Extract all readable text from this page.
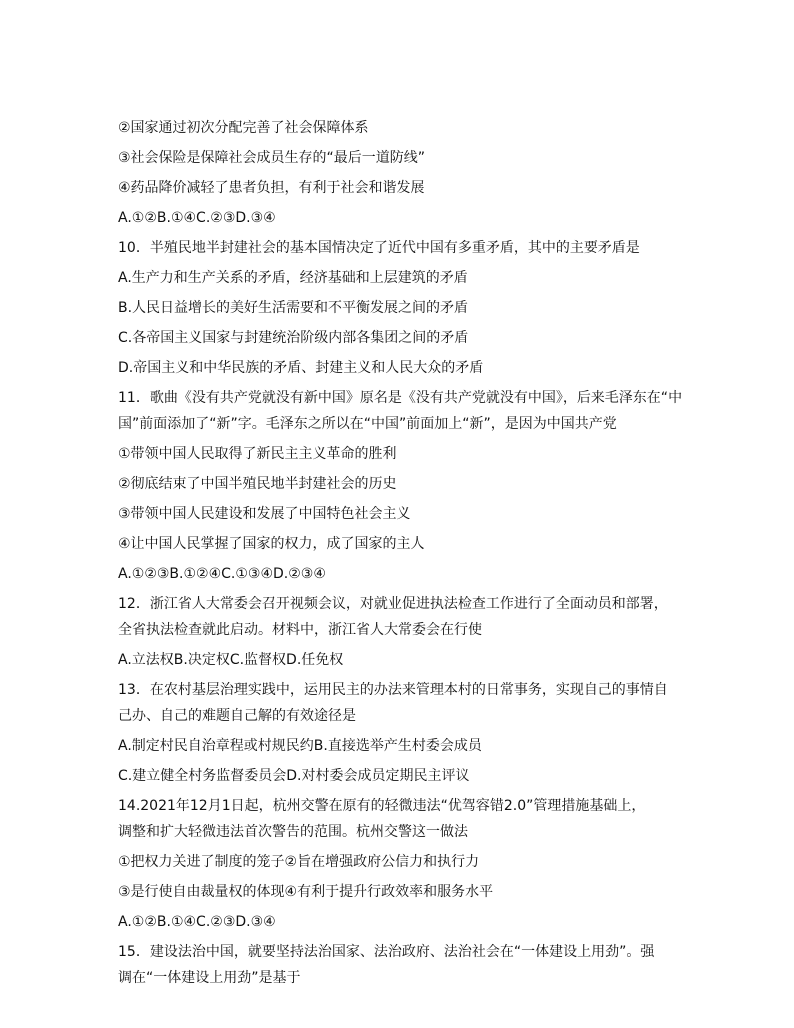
②国家通过初次分配完善了社会保障体系
③社会保险是保障社会成员生存的“最后一道防线”
④药品降价减轻了患者负担，有利于社会和谐发展
A.①②B.①④C.②③D.③④
10．半殖民地半封建社会的基本国情决定了近代中国有多重矛盾，其中的主要矛盾是
A.生产力和生产关系的矛盾，经济基础和上层建筑的矛盾
B.人民日益增长的美好生活需要和不平衡发展之间的矛盾
C.各帝国主义国家与封建统治阶级内部各集团之间的矛盾
D.帝国主义和中华民族的矛盾、封建主义和人民大众的矛盾
11．歌曲《没有共产党就没有新中国》原名是《没有共产党就没有中国》，后来毛泽东在“中
国”前面添加了“新”字。毛泽东之所以在“中国”前面加上“新”，是因为中国共产党
①带领中国人民取得了新民主主义革命的胜利
②彻底结束了中国半殖民地半封建社会的历史
③带领中国人民建设和发展了中国特色社会主义
④让中国人民掌握了国家的权力，成了国家的主人
A.①②③B.①②④C.①③④D.②③④
12．浙江省人大常委会召开视频会议，对就业促进执法检查工作进行了全面动员和部署，
全省执法检查就此启动。材料中，浙江省人大常委会在行使
A.立法权B.决定权C.监督权D.任免权
13．在农村基层治理实践中，运用民主的办法来管理本村的日常事务，实现自己的事情自
己办、自己的难题自己解的有效途径是
A.制定村民自治章程或村规民约B.直接选举产生村委会成员
C.建立健全村务监督委员会D.对村委会成员定期民主评议
14.2021年12月1日起，杭州交警在原有的轻微违法“优驾容错2.0”管理措施基础上，
调整和扩大轻微违法首次警告的范围。杭州交警这一做法
①把权力关进了制度的笼子②旨在增强政府公信力和执行力
③是行使自由裁量权的体现④有利于提升行政效率和服务水平
A.①②B.①④C.②③D.③④
15．建设法治中国，就要坚持法治国家、法治政府、法治社会在“一体建设上用劲”。强
调在“一体建设上用劲”是基于
